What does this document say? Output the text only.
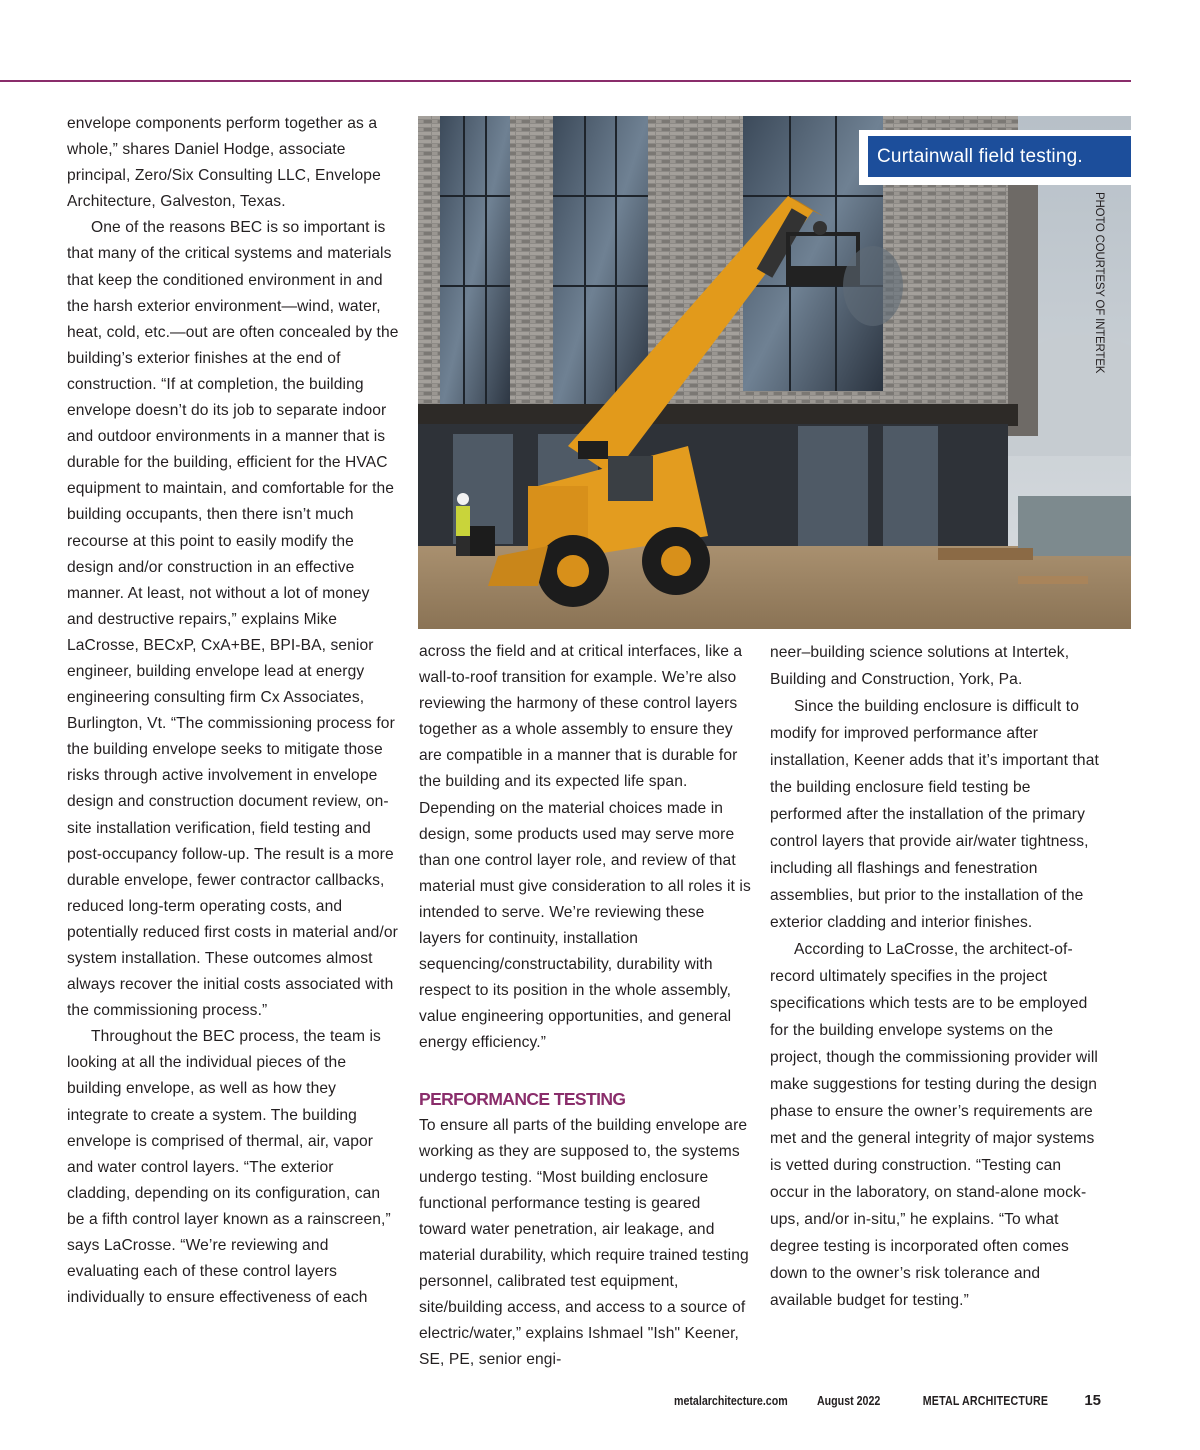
envelope components perform together as a whole,” shares Daniel Hodge, associate principal, Zero/Six Consulting LLC, Envelope Architecture, Galveston, Texas.

One of the reasons BEC is so important is that many of the critical systems and materials that keep the conditioned environment in and the harsh exterior environment—wind, water, heat, cold, etc.—out are often concealed by the building’s exterior finishes at the end of construction. “If at completion, the building envelope doesn’t do its job to separate indoor and outdoor environments in a manner that is durable for the building, efficient for the HVAC equipment to maintain, and comfortable for the building occupants, then there isn’t much recourse at this point to easily modify the design and/or construction in an effective manner. At least, not without a lot of money and destructive repairs,” explains Mike LaCrosse, BECxP, CxA+BE, BPI-BA, senior engineer, building envelope lead at energy engineering consulting firm Cx Associates, Burlington, Vt. “The commissioning process for the building envelope seeks to mitigate those risks through active involvement in envelope design and construction document review, on-site installation verification, field testing and post-occupancy follow-up. The result is a more durable envelope, fewer contractor callbacks, reduced long-term operating costs, and potentially reduced first costs in material and/or system installation. These outcomes almost always recover the initial costs associated with the commissioning process.”

Throughout the BEC process, the team is looking at all the individual pieces of the building envelope, as well as how they integrate to create a system. The building envelope is comprised of thermal, air, vapor and water control layers. “The exterior cladding, depending on its configuration, can be a fifth control layer known as a rainscreen,” says LaCrosse. “We’re reviewing and evaluating each of these control layers individually to ensure effectiveness of each

Curtainwall field testing.
PHOTO COURTESY OF INTERTEK

across the field and at critical interfaces, like a wall-to-roof transition for example. We’re also reviewing the harmony of these control layers together as a whole assembly to ensure they are compatible in a manner that is durable for the building and its expected life span. Depending on the material choices made in design, some products used may serve more than one control layer role, and review of that material must give consideration to all roles it is intended to serve. We’re reviewing these layers for continuity, installation sequencing/constructability, durability with respect to its position in the whole assembly, value engineering opportunities, and general energy efficiency.”

PERFORMANCE TESTING

To ensure all parts of the building envelope are working as they are supposed to, the systems undergo testing. “Most building enclosure functional performance testing is geared toward water penetration, air leakage, and material durability, which require trained testing personnel, calibrated test equipment, site/building access, and access to a source of electric/water,” explains Ishmael "Ish" Keener, SE, PE, senior engi-

neer–building science solutions at Intertek, Building and Construction, York, Pa.

Since the building enclosure is difficult to modify for improved performance after installation, Keener adds that it’s important that the building enclosure field testing be performed after the installation of the primary control layers that provide air/water tightness, including all flashings and fenestration assemblies, but prior to the installation of the exterior cladding and interior finishes.

According to LaCrosse, the architect-of-record ultimately specifies in the project specifications which tests are to be employed for the building envelope systems on the project, though the commissioning provider will make suggestions for testing during the design phase to ensure the owner’s requirements are met and the general integrity of major systems is vetted during construction. “Testing can occur in the laboratory, on stand-alone mock-ups, and/or in-situ,” he explains. “To what degree testing is incorporated often comes down to the owner’s risk tolerance and available budget for testing.”

metalarchitecture.com August 2022	METAL ARCHITECTURE 15
